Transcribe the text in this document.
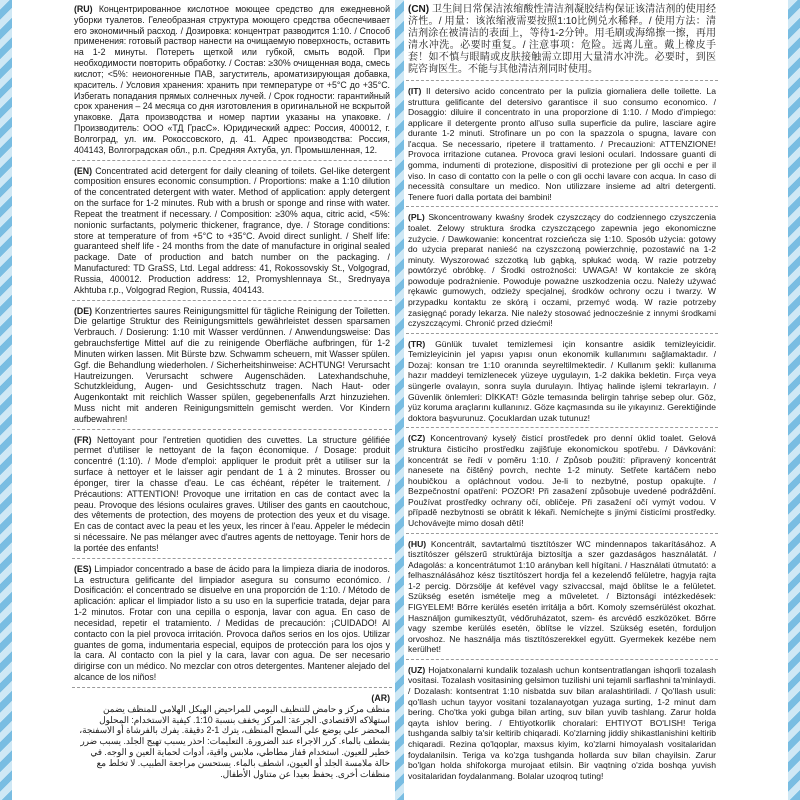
(RU) Концентрированное кислотное моющее средство для ежедневной уборки туалетов. Гелеобразная структура моющего средства обеспечивает его экономичный расход. / Дозировка: концентрат разводится 1:10. / Способ применения: готовый раствор нанести на очищаемую поверхность, оставить на 1-2 минуты. Потереть щеткой или губкой, смыть водой. При необходимости повторить обработку. / Состав: ≥30% очищенная вода, смесь кислот; <5%: неионогенные ПАВ, загуститель, ароматизирующая добавка, краситель. / Условия хранения: хранить при температуре от +5°С до +35°С. Избегать попадания прямых солнечных лучей. / Срок годности: гарантийный срок хранения – 24 месяца со дня изготовления в оригинальной не вскрытой упаковке. Дата производства и номер партии указаны на упаковке. / Производитель: ООО «ТД ГрасС». Юридический адрес: Россия, 400012, г. Волгоград, ул. им. Рокоссовского, д. 41. Адрес производства: Россия, 404143, Волгоградская обл., р.п. Средняя Ахтуба, ул. Промышленная, 12.

(EN) Concentrated acid detergent for daily cleaning of toilets. Gel-like detergent composition ensures economic consumption. / Proportions: make a 1:10 dilution of the concentrated detergent with water. Method of application: apply detergent on the surface for 1-2 minutes. Rub with a brush or sponge and rinse with water. Repeat the treatment if necessary. / Composition: ≥30% aqua, citric acid, <5%: nonionic surfactants, polymeric thickener, fragrance, dye. / Storage conditions: store at temperature of from +5°C to +35°C. Avoid direct sunlight. / Shelf life: guaranteed shelf life - 24 months from the date of manufacture in original sealed package. Date of production and batch number on the packaging. / Manufactured: TD GraSS, Ltd. Legal address: 41, Rokossovskiy St., Volgograd, Russia, 400012. Production address: 12, Promyshlennaya St., Srednyaya Akhtuba r.p., Volgograd Region, Russia, 404143.

(DE) Konzentriertes saures Reinigungsmittel für tägliche Reinigung der Toiletten. Die gelartige Struktur des Reinigungsmittels gewährleistet dessen sparsamen Verbrauch. / Dosierung: 1:10 mit Wasser verdünnen. / Anwendungsweise: Das gebrauchsfertige Mittel auf die zu reinigende Oberfläche aufbringen, für 1-2 Minuten wirken lassen. Mit Bürste bzw. Schwamm scheuern, mit Wasser spülen. Ggf. die Behandlung wiederholen. / Sicherheitshinweise: ACHTUNG! Verursacht Hautreizungen. Verursacht schwere Augenschäden. Latexhandschuhe, Schutzkleidung, Augen- und Gesichtsschutz tragen. Nach Haut- oder Augenkontakt mit reichlich Wasser spülen, gegebenenfalls Arzt hinzuziehen. Muss nicht mit anderen Reinigungsmitteln gemischt werden. Vor Kindern aufbewahren!

(FR) Nettoyant pour l'entretien quotidien des cuvettes. La structure gélifiée permet d'utiliser le nettoyant de la façon économique. / Dosage: produit concentré (1:10). / Mode d'emploi: appliquer le produit prêt a utiliser sur la surface à nettoyer et le laisser agir pendant de 1 à 2 minutes. Brosser ou éponger, tirer la chasse d'eau. Le cas échéant, répéter le traitement. / Précautions: ATTENTION! Provoque une irritation en cas de contact avec la peau. Provoque des lésions oculaires graves. Utiliser des gants en caoutchouc, des vêtements de protection, des moyens de protection des yeux et du visage. En cas de contact avec la peau et les yeux, les rincer à l'eau. Appeler le médecin si nécessaire. Ne pas mélanger avec d'autres agents de nettoyage. Tenir hors de la portée des enfants!

(ES) Limpiador concentrado a base de ácido para la limpieza diaria de inodoros. La estructura gelificante del limpiador asegura su consumo económico. / Dosificación: el concentrado se disuelve en una proporción de 1:10. / Método de aplicación: aplicar el limpiador listo a su uso en la superficie tratada, dejar para 1-2 minutos. Frotar con una cepilla o esponja, lavar con agua. En caso de necesidad, repetir el tratamiento. / Medidas de precaución: ¡CUIDADO! Al contacto con la piel provoca irritación. Provoca daños serios en los ojos. Utilizar guantes de goma, indumentaria especial, equipos de protección para los ojos y la cara. Al contacto con la piel y la cara, lavar con agua. De ser necesario dirigirse con un médico. No mezclar con otros detergentes. Mantener alejado del alcance de los niños!

(AR)
منظف مركز و حامض للتنظيف اليومي للمراحيض الهيكل الهلامي للمنظف يضمن استهلاكه الاقتصادي. الجرعة: المركز يخفف بنسبة 1:10. كيفية الاستخدام: المحلول المحضر علي يوضع علي السطح المنظف، يترك 1-2 دقيقة. يفرك بالفرشاة أو الاسفنجة، يشطف بالماء. كرر الاجراء عند الضرورة. التعليمات: احذر يسبب تهيج الجلد. يسبب ضرر خطير للعيون. استخدام قفاز مطاطي، ملابس واقية، أدوات لحماية العين و الوجه. في حالة ملامسة الجلد أو العيون، اشطف بالماء. يستحسن مراجعة الطبيب. لا تخلط مع منظفات أخرى. يحفظ بعيدا عن متناول الأطفال.

(CN) 卫生间日常保洁浓缩酸性清洁剂凝胶结构保证该清洁剂的使用经济性。/ 用量：该浓缩液需要按照1:10比例兑水稀释。/ 使用方法：清洁剂涂在被清洁的表面上，等待1-2分钟。用毛刷或海绵擦一擦，再用清水冲洗。必要时重复。/ 注意事项：危险。远离儿童。戴上橡皮手套！如不慎与眼睛或皮肤接触需立即用大量清水冲洗。必要时，到医院咨询医生。不能与其他清洁剂同时使用。

(IT) Il detersivo acido concentrato per la pulizia giornaliera delle toilette. La struttura gelificante del detersivo garantisce il suo consumo economico. / Dosaggio: diluire il concentrato in una proporzione di 1:10. / Modo d'impiego: applicare il detergente pronto all'uso sulla superficie da pulire, lasciare agire durante 1-2 minuti. Strofinare un po con la spazzola o spugna, lavare con l'acqua. Se necessario, ripetere il trattamento. / Precauzioni: ATTENZIONE! Provoca irritazione cutanea. Provoca gravi lesioni oculari. Indossare guanti di gomma, indumenti di protezione, dispositivi di protezione per gli occhi e per il viso. In caso di contatto con la pelle o con gli occhi lavare con acqua. In caso di necessità consultare un medico. Non utilizzare insieme ad altri detergenti. Tenere fuori dalla portata dei bambini!

(PL) Skoncentrowany kwaśny środek czyszczący do codziennego czyszczenia toalet. Żelowy struktura środka czyszczącego zapewnia jego ekonomiczne zużycie. / Dawkowanie: koncentrat rozcieńcza się 1:10. Sposób użycia: gotowy do użycia preparat nanieść na czyszczoną powierzchnię, pozostawić na 1-2 minuty. Wyszorować szczotką lub gąbką, spłukać wodą. W razie potrzeby powtórzyć obróbkę. / Środki ostrożności: UWAGA! W kontakcie ze skórą powoduje podrażnienie. Powoduje poważne uszkodzenia oczu. Należy używać rękawic gumowych, odzieży specjalnej, środków ochrony oczu i twarzy. W przypadku kontaktu ze skórą i oczami, przemyć wodą. W razie potrzeby zasięgnąć porady lekarza. Nie należy stosować jednocześnie z innymi środkami czyszczącymi. Chronić przed dziećmi!

(TR) Günlük tuvalet temizlemesi için konsantre asidik temizleyicidir. Temizleyicinin jel yapısı yapısı onun ekonomik kullanımını sağlamaktadır. / Dozaj: konsan tre 1:10 oranında seyreltilmektedir. / Kullanım şekli: kullanıma hazır maddeyi temizlenecek yüzeye uygulayın, 1-2 dakika bekletin. Fırça veya süngerle ovalayın, sonra suyla durulayın. İhtiyaç halinde işlemi tekrarlayın. / Güvenlik önlemleri: DİKKAT! Gözle temasında belirgin tahrişe sebep olur. Göz, yüz koruma araçlarını kullanınız. Göze kaçmasında su ile yıkayınız. Gerektiğinde doktora başvurunuz. Çocuklardan uzak tutunuz!

(CZ) Koncentrovaný kyselý čisticí prostředek pro denní úklid toalet. Gelová struktura čisticího prostředku zajišťuje ekonomickou spotřebu. / Dávkování: koncentrát se ředí v poměru 1:10. / Způsob použití: připravený koncentrát nanesete na čištěný povrch, nechte 1-2 minuty. Setřete kartáčem nebo houbičkou a opláchnout vodou. Je-li to nezbytné, postup opakujte. / Bezpečnostní opatření: POZOR! Při zasažení způsobuje uvedené podráždění. Používat prostředky ochrany očí, obličeje. Při zasažení očí vymýt vodou. V případě nezbytnosti se obrátit k lékaři. Nemíchejte s jinými čisticími prostředky. Uchovávejte mimo dosah dětí!

(HU) Koncentrált, savtartalmú tisztítószer WC mindennapos takarításához. A tisztítószer gélszerű struktúrája biztosítja a szer gazdaságos használatát. / Adagolás: a koncentrátumot 1:10 arányban kell hígítani. / Használati útmutató: a felhasználásához kész tisztítószert hordja fel a kezelendő felületre, hagyja rajta 1-2 percig. Dörzsölje át kefével vagy szivaccsal, majd öblítse le a felületet. Szükség esetén ismételje meg a műveletet. / Biztonsági intézkedések: FIGYELEM! Bőrre kerülés esetén irritálja a bőrt. Komoly szemsérülést okozhat. Használjon gumikesztyűt, védőruházatot, szem- és arcvédő eszközöket. Bőrre vagy szembe kerülés esetén, öblítse le vízzel. Szükség esetén, forduljon orvoshoz. Ne használja más tisztítószerekkel együtt. Gyermekek kezébe nem kerülhet!

(UZ) Hojatxonalarni kundalik tozalash uchun kontsentratlangan ishqorli tozalash vositasi. Tozalash vositasining gelsimon tuzilishi uni tejamli sarflashni ta'minlaydi. / Dozalash: kontsentrat 1:10 nisbatda suv bilan aralashtiriladi. / Qo'llash usuli: qo'llash uchun tayyor vositani tozalanayotgan yuzaga surting, 1-2 minut dam bering. Cho'tka yoki gubga bilan arting, suv bilan yuvib tashlang. Zarur holda qayta ishlov bering. / Ehtiyotkorlik choralari: EHTIYOT BO'LISH! Teriga tushganda salbiy ta'sir keltirib chiqaradi. Ko'zlarning jiddiy shikastlanishini keltirib chiqaradi. Rezina qo'lqoplar, maxsus kiyim, ko'zlarni himoyalash vositalaridan foydalanilsin. Teriga va ko'zga tushganda hollarda suv bilan chayilsin. Zarur bo'lgan holda shifokorga murojaat etilsin. Bir vaqtning o'zida boshqa yuvish vositalaridan foydalanmang. Bolalar uzoqroq tuting!
